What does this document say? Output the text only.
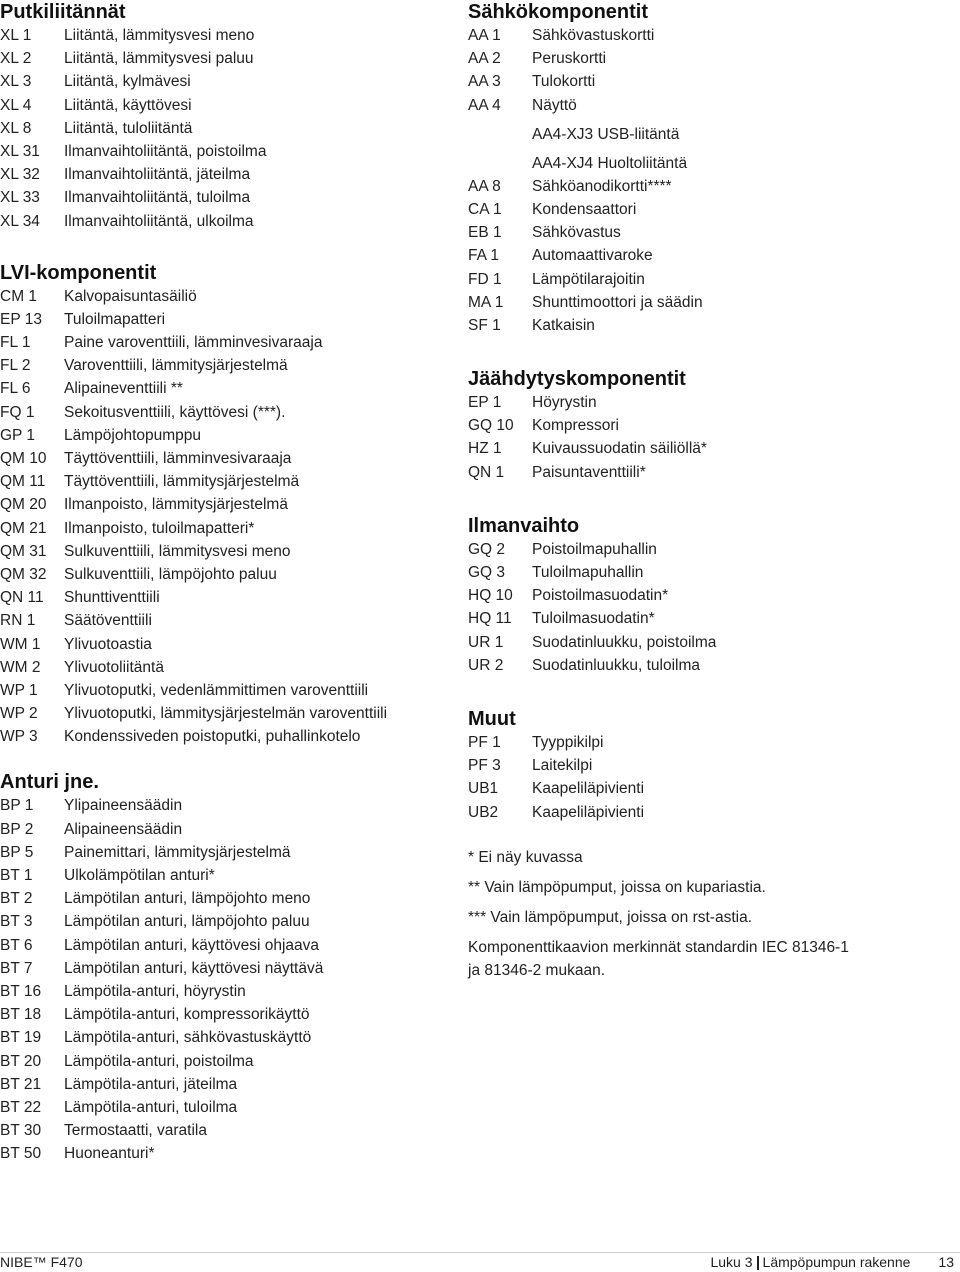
Putkiliitännät
XL 1	Liitäntä, lämmitysvesi meno
XL 2	Liitäntä, lämmitysvesi paluu
XL 3	Liitäntä, kylmävesi
XL 4	Liitäntä, käyttövesi
XL 8	Liitäntä, tuloliitäntä
XL 31	Ilmanvaihtoliitäntä, poistoilma
XL 32	Ilmanvaihtoliitäntä, jäteilma
XL 33	Ilmanvaihtoliitäntä, tuloilma
XL 34	Ilmanvaihtoliitäntä, ulkoilma
LVI-komponentit
CM 1	Kalvopaisuntasäiliö
EP 13	Tuloilmapatteri
FL 1	Paine varoventtiili, lämminvesivaraaja
FL 2	Varoventtiili, lämmitysjärjestelmä
FL 6	Alipaineventtiili **
FQ 1	Sekoitusventtiili, käyttövesi (***).
GP 1	Lämpöjohtopumppu
QM 10	Täyttöventtiili, lämminvesivaraaja
QM 11	Täyttöventtiili, lämmitysjärjestelmä
QM 20	Ilmanpoisto, lämmitysjärjestelmä
QM 21	Ilmanpoisto, tuloilmapatteri*
QM 31	Sulkuventtiili, lämmitysvesi meno
QM 32	Sulkuventtiili, lämpöjohto paluu
QN 11	Shunttiventtiili
RN 1	Säätöventtiili
WM 1	Ylivuotoastia
WM 2	Ylivuotoliitäntä
WP 1	Ylivuotoputki, vedenlämmittimen varoventtiili
WP 2	Ylivuotoputki, lämmitysjärjestelmän varoventtiili
WP 3	Kondenssiveden poistoputki, puhallinkotelo
Anturi jne.
BP 1	Ylipaineensäädin
BP 2	Alipaineensäädin
BP 5	Painemittari, lämmitysjärjestelmä
BT 1	Ulkolämpötilan anturi*
BT 2	Lämpötilan anturi, lämpöjohto meno
BT 3	Lämpötilan anturi, lämpöjohto paluu
BT 6	Lämpötilan anturi, käyttövesi ohjaava
BT 7	Lämpötilan anturi, käyttövesi näyttävä
BT 16	Lämpötila-anturi, höyrystin
BT 18	Lämpötila-anturi, kompressorikäyttö
BT 19	Lämpötila-anturi, sähkövastuskäyttö
BT 20	Lämpötila-anturi, poistoilma
BT 21	Lämpötila-anturi, jäteilma
BT 22	Lämpötila-anturi, tuloilma
BT 30	Termostaatti, varatila
BT 50	Huoneanturi*
Sähkökomponentit
AA 1	Sähkövastuskortti
AA 2	Peruskortti
AA 3	Tulokortti
AA 4	Näyttö
AA4-XJ3 USB-liitäntä
AA4-XJ4 Huoltoliitäntä
AA 8	Sähköanodikortti****
CA 1	Kondensaattori
EB 1	Sähkövastus
FA 1	Automaattivaroke
FD 1	Lämpötilarajoitin
MA 1	Shunttimoottori ja säädin
SF 1	Katkaisin
Jäähdytyskomponentit
EP 1	Höyrystin
GQ 10	Kompressori
HZ 1	Kuivaussuodatin säiliöllä*
QN 1	Paisuntaventtiili*
Ilmanvaihto
GQ 2	Poistoilmapuhallin
GQ 3	Tuloilmapuhallin
HQ 10	Poistoilmasuodatin*
HQ 11	Tuloilmasuodatin*
UR 1	Suodatinluukku, poistoilma
UR 2	Suodatinluukku, tuloilma
Muut
PF 1	Tyyppikilpi
PF 3	Laitekilpi
UB1	Kaapeliläpivienti
UB2	Kaapeliläpivienti
* Ei näy kuvassa
** Vain lämpöpumput, joissa on kupariastia.
*** Vain lämpöpumput, joissa on rst-astia.
Komponenttikaavion merkinnät standardin IEC 81346-1
ja 81346-2 mukaan.
NIBE™ F470	Luku 3 Lämpöpumpun rakenne 13
